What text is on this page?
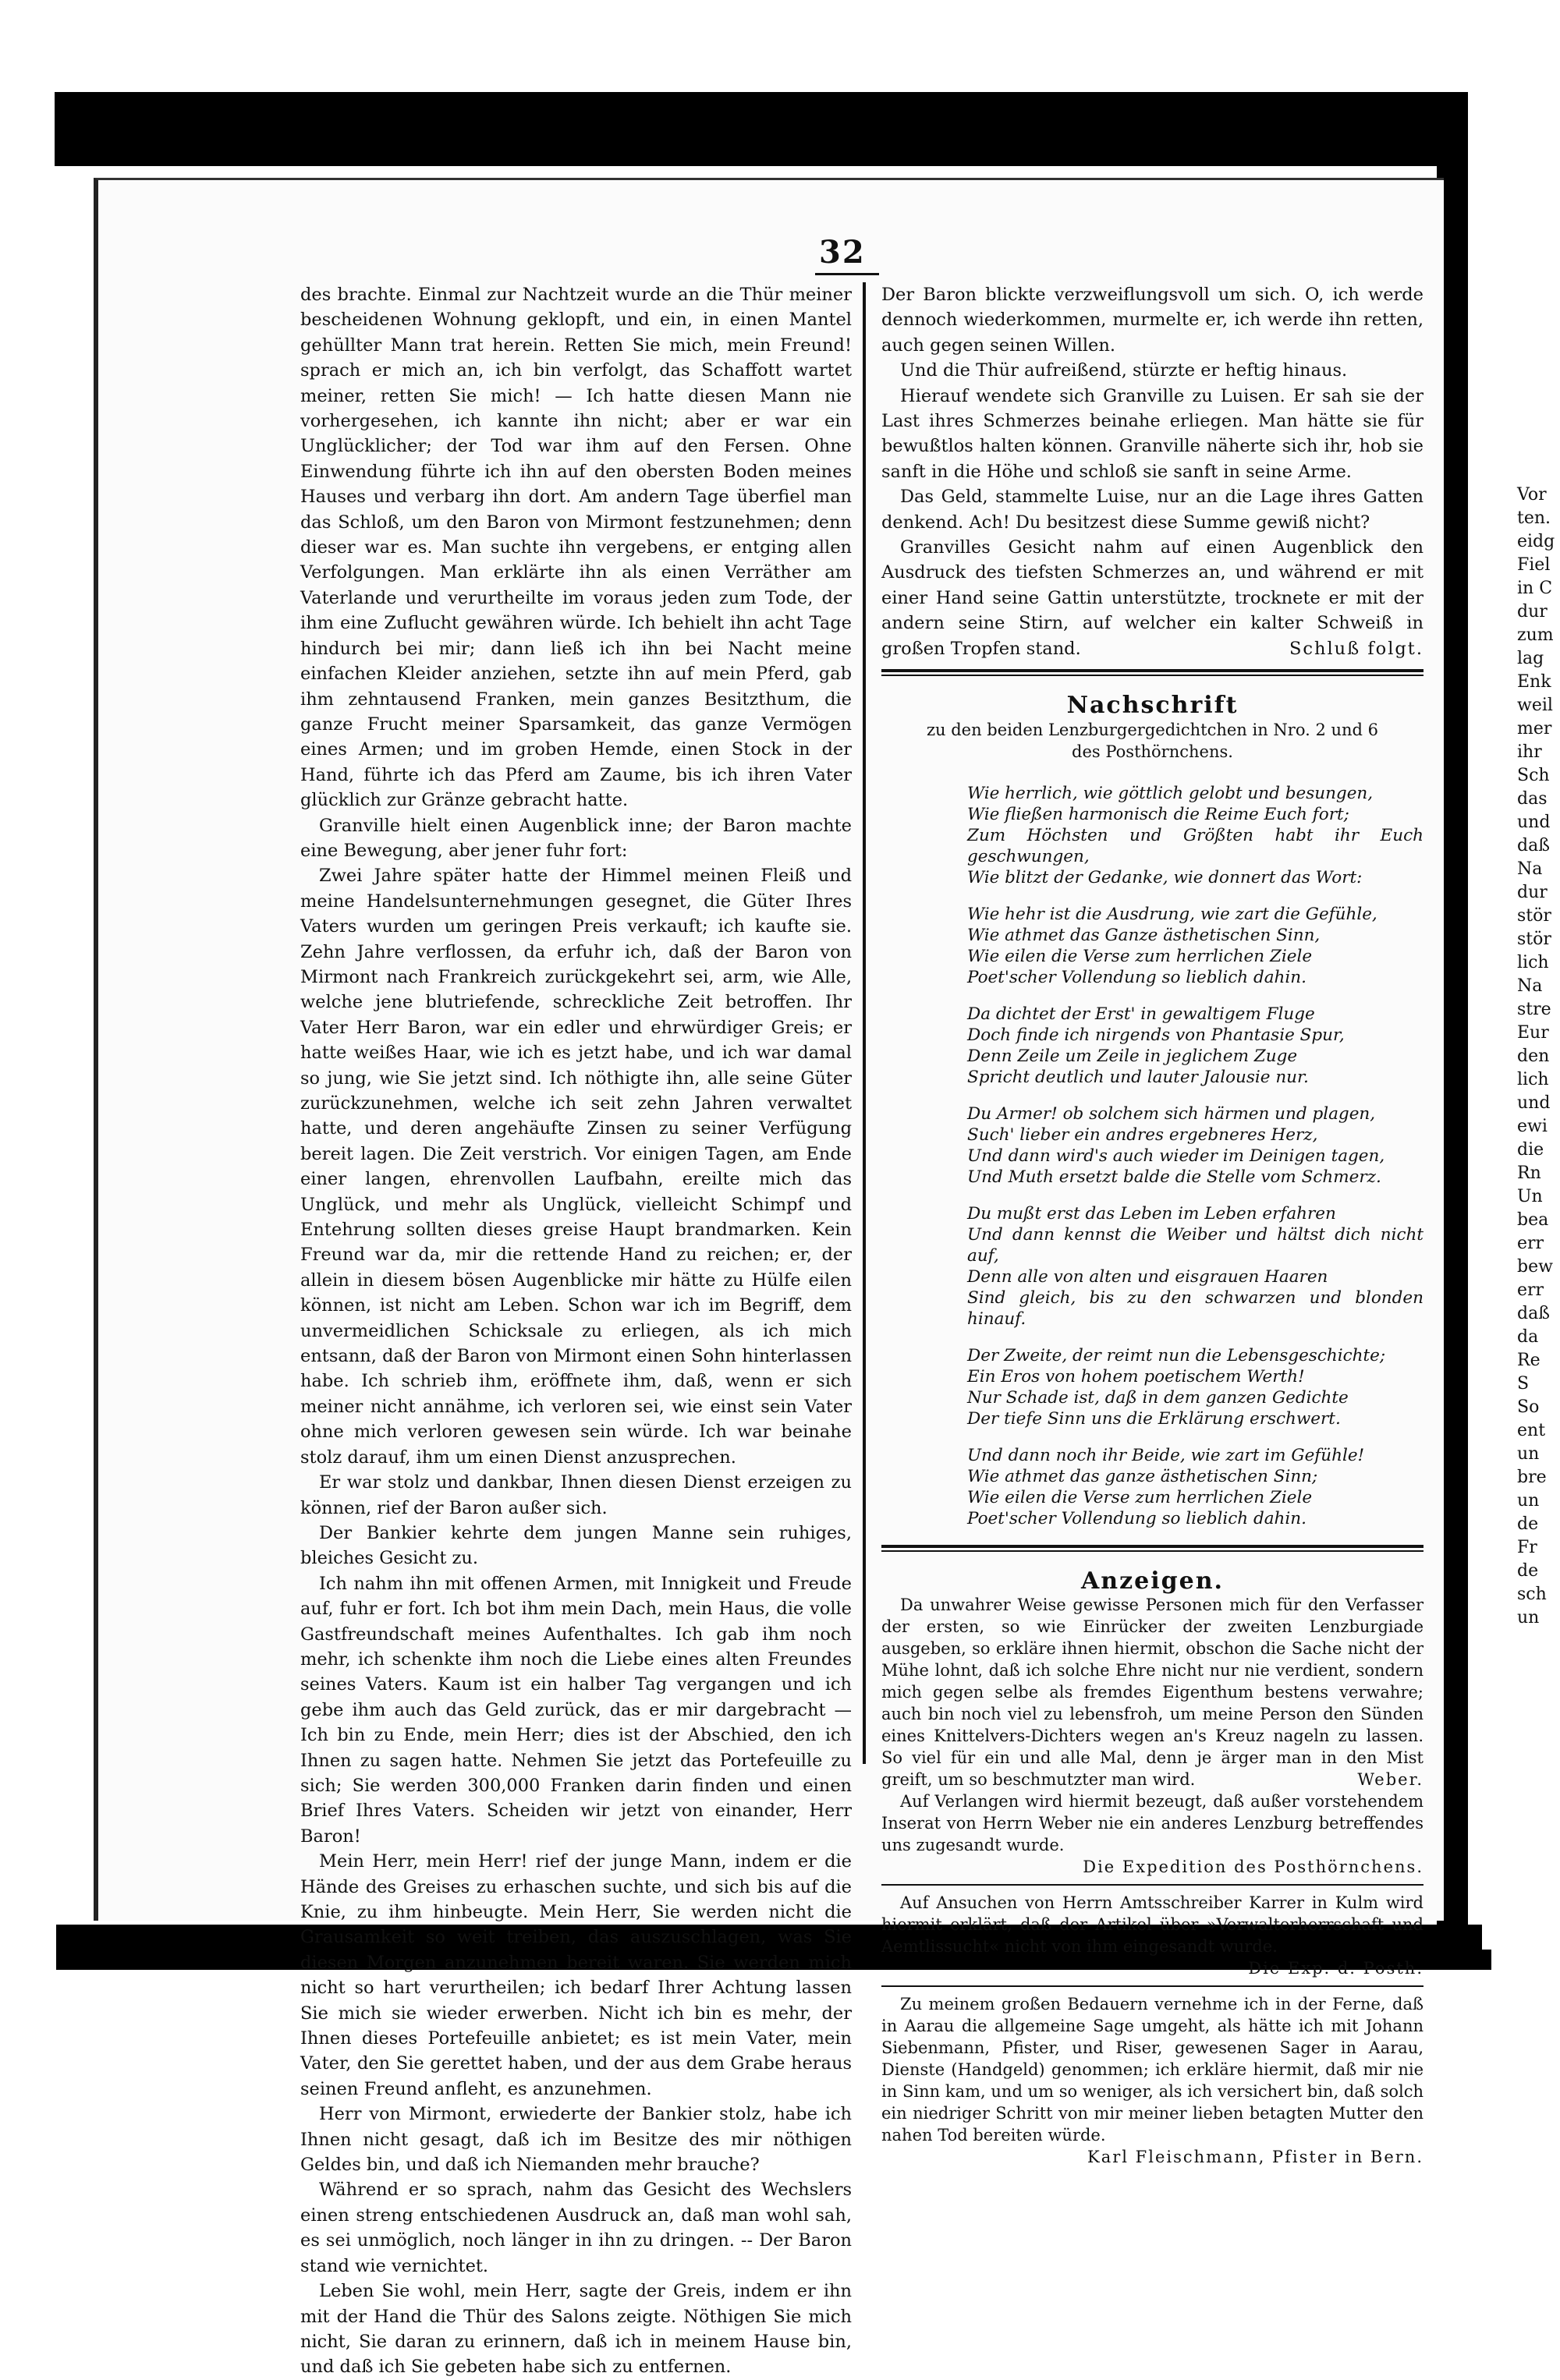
32

des brachte. Einmal zur Nachtzeit wurde an die Thür meiner bescheidenen Wohnung geklopft, und ein, in einen Mantel gehüllter Mann trat herein. Retten Sie mich, mein Freund! sprach er mich an, ich bin verfolgt, das Schaffott wartet meiner, retten Sie mich! — Ich hatte diesen Mann nie vorhergesehen, ich kannte ihn nicht; aber er war ein Unglücklicher; der Tod war ihm auf den Fersen. Ohne Einwendung führte ich ihn auf den obersten Boden meines Hauses und verbarg ihn dort. Am andern Tage überfiel man das Schloß, um den Baron von Mirmont festzunehmen; denn dieser war es. Man suchte ihn vergebens, er entging allen Verfolgungen. Man erklärte ihn als einen Verräther am Vaterlande und verurtheilte im voraus jeden zum Tode, der ihm eine Zuflucht gewähren würde. Ich behielt ihn acht Tage hindurch bei mir; dann ließ ich ihn bei Nacht meine einfachen Kleider anziehen, setzte ihn auf mein Pferd, gab ihm zehntausend Franken, mein ganzes Besitzthum, die ganze Frucht meiner Sparsamkeit, das ganze Vermögen eines Armen; und im groben Hemde, einen Stock in der Hand, führte ich das Pferd am Zaume, bis ich ihren Vater glücklich zur Gränze gebracht hatte.

Granville hielt einen Augenblick inne; der Baron machte eine Bewegung, aber jener fuhr fort:

Zwei Jahre später hatte der Himmel meinen Fleiß und meine Handelsunternehmungen gesegnet, die Güter Ihres Vaters wurden um geringen Preis verkauft; ich kaufte sie. Zehn Jahre verflossen, da erfuhr ich, daß der Baron von Mirmont nach Frankreich zurückgekehrt sei, arm, wie Alle, welche jene blutriefende, schreckliche Zeit betroffen. Ihr Vater Herr Baron, war ein edler und ehrwürdiger Greis; er hatte weißes Haar, wie ich es jetzt habe, und ich war damal so jung, wie Sie jetzt sind. Ich nöthigte ihn, alle seine Güter zurückzunehmen, welche ich seit zehn Jahren verwaltet hatte, und deren angehäufte Zinsen zu seiner Verfügung bereit lagen. Die Zeit verstrich. Vor einigen Tagen, am Ende einer langen, ehrenvollen Laufbahn, ereilte mich das Unglück, und mehr als Unglück, vielleicht Schimpf und Entehrung sollten dieses greise Haupt brandmarken. Kein Freund war da, mir die rettende Hand zu reichen; er, der allein in diesem bösen Augenblicke mir hätte zu Hülfe eilen können, ist nicht am Leben. Schon war ich im Begriff, dem unvermeidlichen Schicksale zu erliegen, als ich mich entsann, daß der Baron von Mirmont einen Sohn hinterlassen habe. Ich schrieb ihm, eröffnete ihm, daß, wenn er sich meiner nicht annähme, ich verloren sei, wie einst sein Vater ohne mich verloren gewesen sein würde. Ich war beinahe stolz darauf, ihm um einen Dienst anzusprechen.

Er war stolz und dankbar, Ihnen diesen Dienst erzeigen zu können, rief der Baron außer sich.

Der Bankier kehrte dem jungen Manne sein ruhiges, bleiches Gesicht zu.

Ich nahm ihn mit offenen Armen, mit Innigkeit und Freude auf, fuhr er fort. Ich bot ihm mein Dach, mein Haus, die volle Gastfreundschaft meines Aufenthaltes. Ich gab ihm noch mehr, ich schenkte ihm noch die Liebe eines alten Freundes seines Vaters. Kaum ist ein halber Tag vergangen und ich gebe ihm auch das Geld zurück, das er mir dargebracht — Ich bin zu Ende, mein Herr; dies ist der Abschied, den ich Ihnen zu sagen hatte. Nehmen Sie jetzt das Portefeuille zu sich; Sie werden 300,000 Franken darin finden und einen Brief Ihres Vaters. Scheiden wir jetzt von einander, Herr Baron!

Mein Herr, mein Herr! rief der junge Mann, indem er die Hände des Greises zu erhaschen suchte, und sich bis auf die Knie, zu ihm hinbeugte. Mein Herr, Sie werden nicht die Grausamkeit so weit treiben, das auszuschlagen, was Sie diesen Morgen anzunehmen bereit waren. Sie werden mich nicht so hart verurtheilen; ich bedarf Ihrer Achtung lassen Sie mich sie wieder erwerben. Nicht ich bin es mehr, der Ihnen dieses Portefeuille anbietet; es ist mein Vater, mein Vater, den Sie gerettet haben, und der aus dem Grabe heraus seinen Freund anfleht, es anzunehmen.

Herr von Mirmont, erwiederte der Bankier stolz, habe ich Ihnen nicht gesagt, daß ich im Besitze des mir nöthigen Geldes bin, und daß ich Niemanden mehr brauche?

Während er so sprach, nahm das Gesicht des Wechslers einen streng entschiedenen Ausdruck an, daß man wohl sah, es sei unmöglich, noch länger in ihn zu dringen. -- Der Baron stand wie vernichtet.

Leben Sie wohl, mein Herr, sagte der Greis, indem er ihn mit der Hand die Thür des Salons zeigte. Nöthigen Sie mich nicht, Sie daran zu erinnern, daß ich in meinem Hause bin, und daß ich Sie gebeten habe sich zu entfernen.

Der Baron blickte verzweiflungsvoll um sich. O, ich werde dennoch wiederkommen, murmelte er, ich werde ihn retten, auch gegen seinen Willen.

Und die Thür aufreißend, stürzte er heftig hinaus.

Hierauf wendete sich Granville zu Luisen. Er sah sie der Last ihres Schmerzes beinahe erliegen. Man hätte sie für bewußtlos halten können. Granville näherte sich ihr, hob sie sanft in die Höhe und schloß sie sanft in seine Arme.

Das Geld, stammelte Luise, nur an die Lage ihres Gatten denkend. Ach! Du besitzest diese Summe gewiß nicht?

Granvilles Gesicht nahm auf einen Augenblick den Ausdruck des tiefsten Schmerzes an, und während er mit einer Hand seine Gattin unterstützte, trocknete er mit der andern seine Stirn, auf welcher ein kalter Schweiß in großen Tropfen stand.	Schluß folgt.

Nachschrift
zu den beiden Lenzburgergedichtchen in Nro. 2 und 6
des Posthörnchens.
Wie herrlich, wie göttlich gelobt und besungen,
Wie fließen harmonisch die Reime Euch fort;
Zum Höchsten und Größten habt ihr Euch geschwungen,
Wie blitzt der Gedanke, wie donnert das Wort:
Wie hehr ist die Ausdrung, wie zart die Gefühle,
Wie athmet das Ganze ästhetischen Sinn,
Wie eilen die Verse zum herrlichen Ziele
Poet'scher Vollendung so lieblich dahin.
Da dichtet der Erst' in gewaltigem Fluge
Doch finde ich nirgends von Phantasie Spur,
Denn Zeile um Zeile in jeglichem Zuge
Spricht deutlich und lauter Jalousie nur.
Du Armer! ob solchem sich härmen und plagen,
Such' lieber ein andres ergebneres Herz,
Und dann wird's auch wieder im Deinigen tagen,
Und Muth ersetzt balde die Stelle vom Schmerz.
Du mußt erst das Leben im Leben erfahren
Und dann kennst die Weiber und hältst dich nicht auf,
Denn alle von alten und eisgrauen Haaren
Sind gleich, bis zu den schwarzen und blonden hinauf.
Der Zweite, der reimt nun die Lebensgeschichte;
Ein Eros von hohem poetischem Werth!
Nur Schade ist, daß in dem ganzen Gedichte
Der tiefe Sinn uns die Erklärung erschwert.
Und dann noch ihr Beide, wie zart im Gefühle!
Wie athmet das ganze ästhetischen Sinn;
Wie eilen die Verse zum herrlichen Ziele
Poet'scher Vollendung so lieblich dahin.
Anzeigen.

Da unwahrer Weise gewisse Personen mich für den Verfasser der ersten, so wie Einrücker der zweiten Lenzburgiade ausgeben, so erkläre ihnen hiermit, obschon die Sache nicht der Mühe lohnt, daß ich solche Ehre nicht nur nie verdient, sondern mich gegen selbe als fremdes Eigenthum bestens verwahre; auch bin noch viel zu lebensfroh, um meine Person den Sünden eines Knittelvers-Dichters wegen an's Kreuz nageln zu lassen. So viel für ein und alle Mal, denn je ärger man in den Mist greift, um so beschmutzter man wird.	Weber.

Auf Verlangen wird hiermit bezeugt, daß außer vorstehendem Inserat von Herrn Weber nie ein anderes Lenzburg betreffendes uns zugesandt wurde.

Die Expedition des Posthörnchens.

Auf Ansuchen von Herrn Amtsschreiber Karrer in Kulm wird hiermit erklärt, daß der Artikel über »Verwalterherrschaft und Aemtlissucht« nicht von ihm eingesandt wurde.
Die Exp. d. Posth.

Zu meinem großen Bedauern vernehme ich in der Ferne, daß in Aarau die allgemeine Sage umgeht, als hätte ich mit Johann Siebenmann, Pfister, und Riser, gewesenen Sager in Aarau, Dienste (Handgeld) genommen; ich erkläre hiermit, daß mir nie in Sinn kam, und um so weniger, als ich versichert bin, daß solch ein niedriger Schritt von mir meiner lieben betagten Mutter den nahen Tod bereiten würde.

Karl Fleischmann, Pfister in Bern.
Vor
ten.
eidg
Fiel
in C
dur
zum
lag
Enk
weil
mer
ihr
Sch
das
und
daß
Na
dur
stör
stör
lich
Na
stre
Eur
den
lich
und
ewi
die
Rn
Un
bea
err
bew
err
daß
da
Re
S
So
ent
un
bre
un
de
Fr
de
sch
un
